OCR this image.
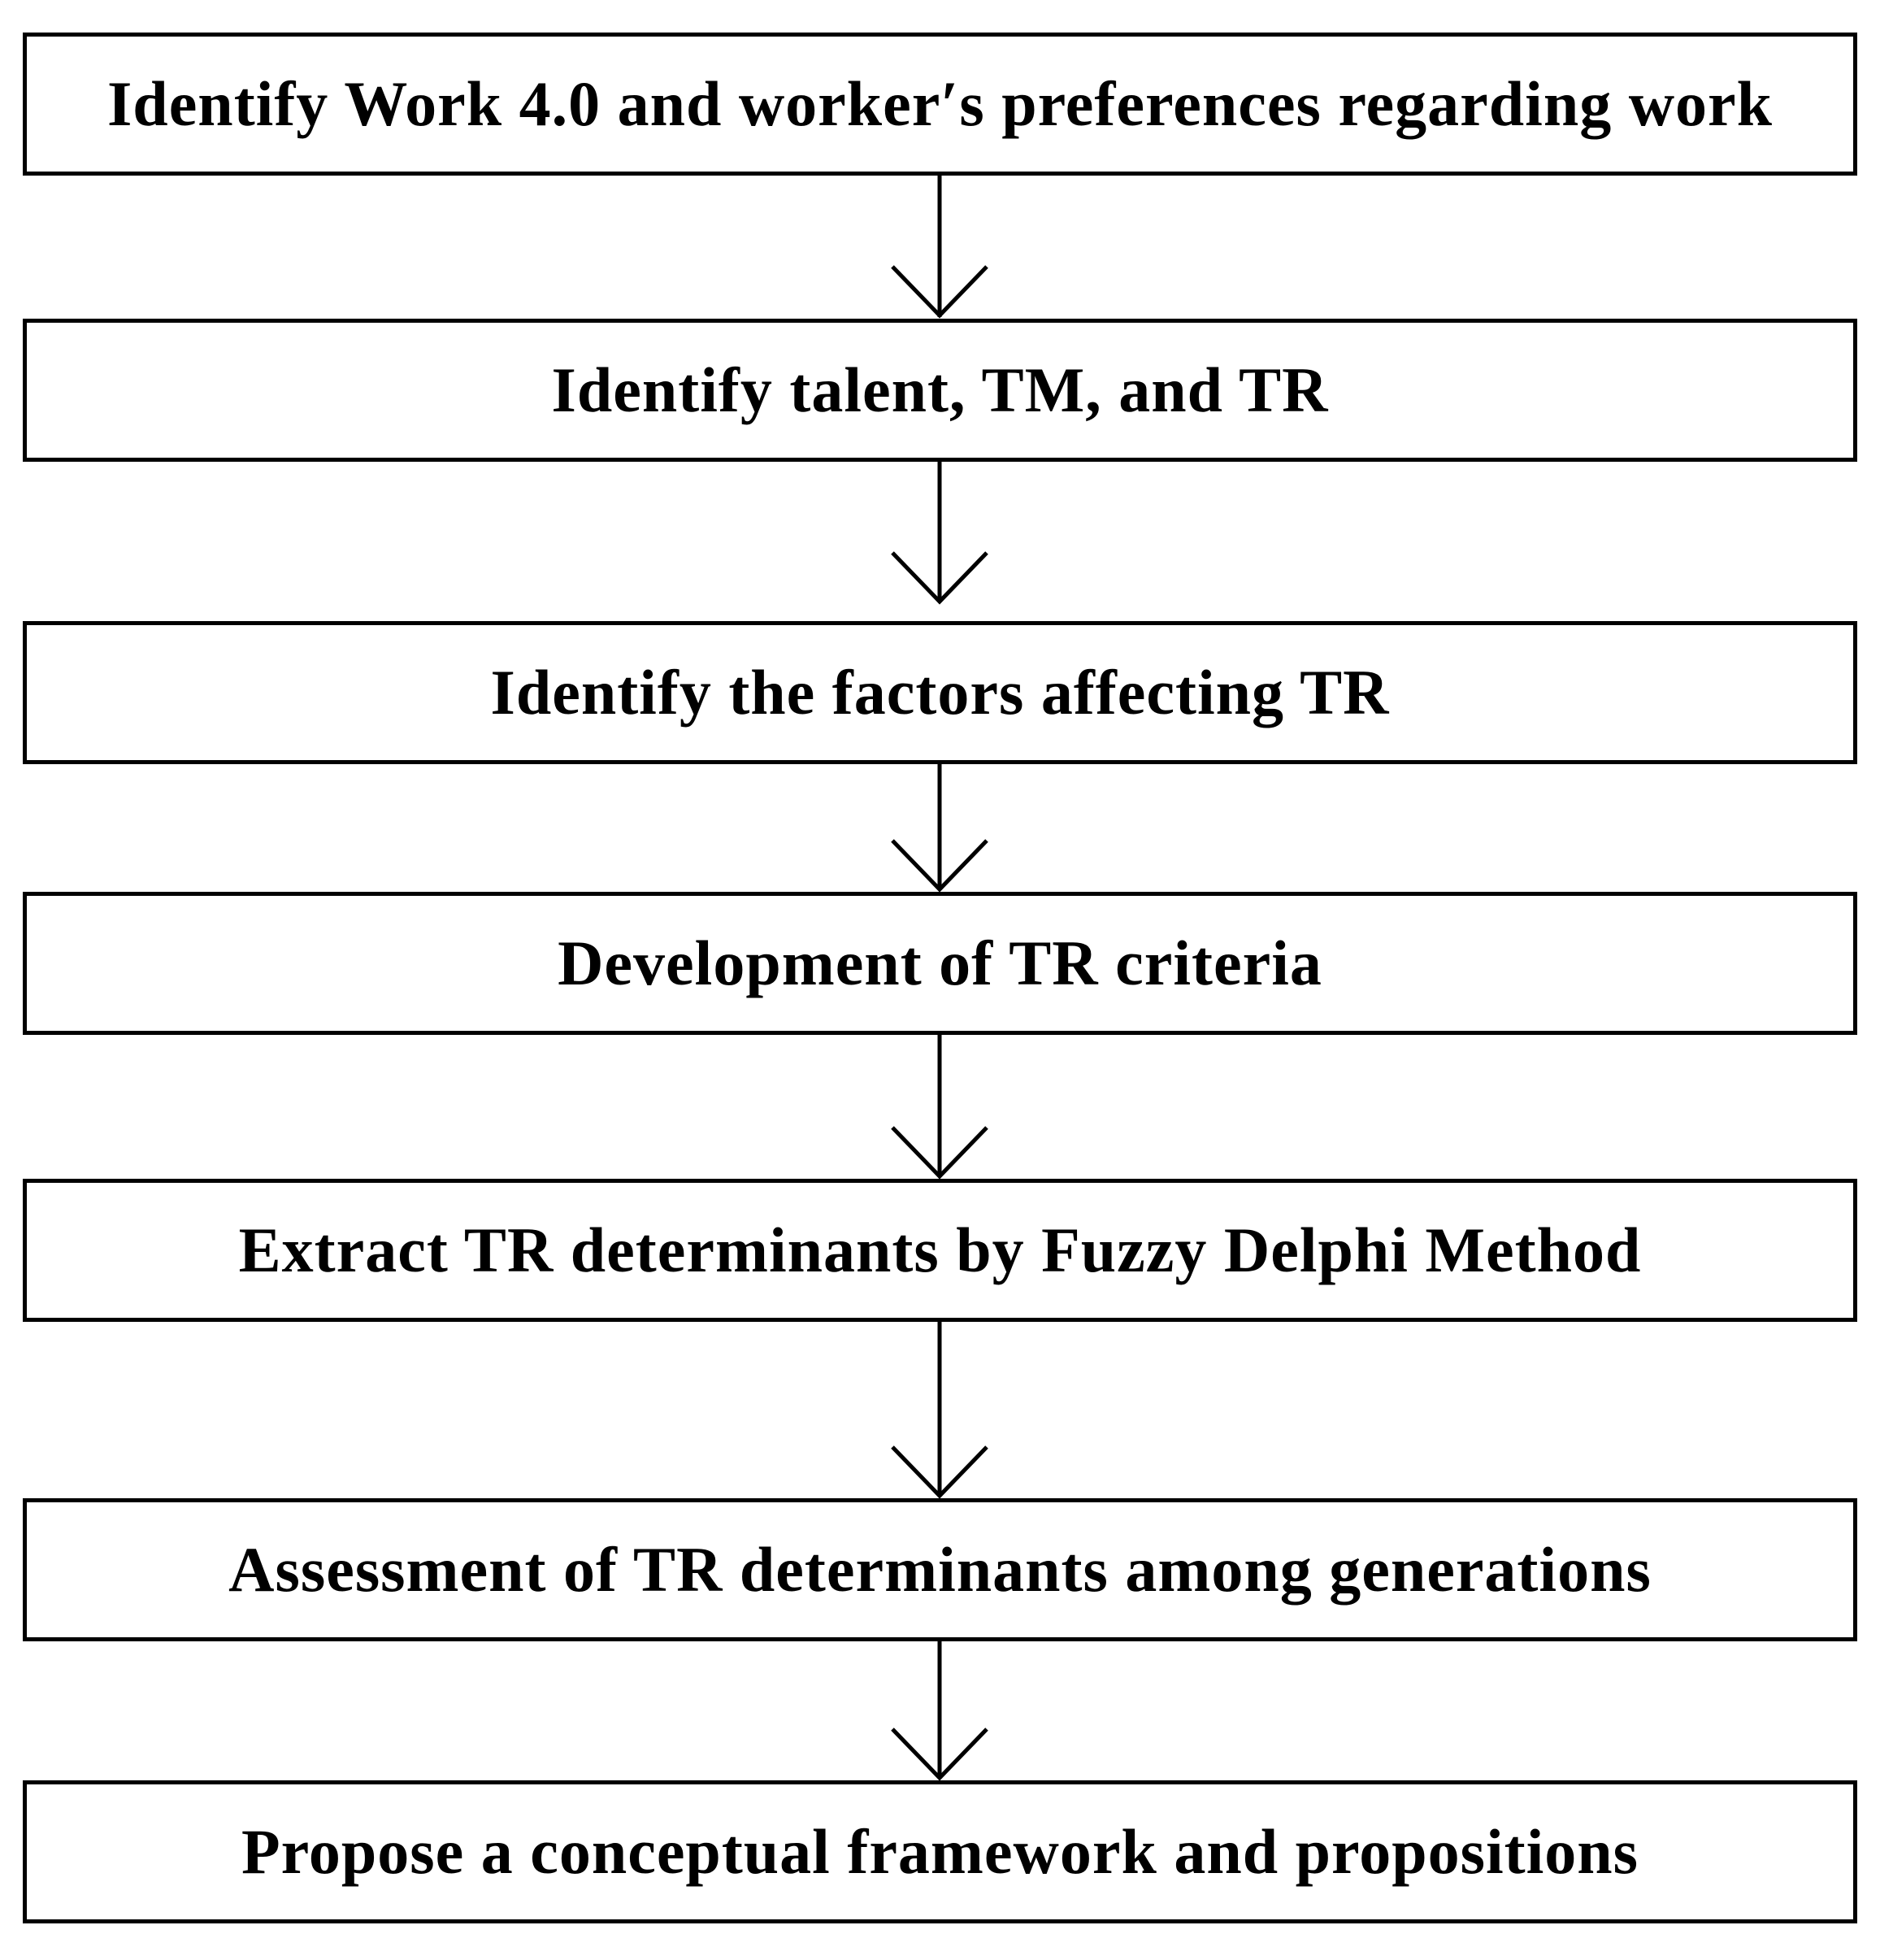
Identify Work 4.0 and worker′s preferences regarding work
Identify talent, TM, and TR
Identify the factors affecting TR
Development of TR criteria
Extract TR determinants by Fuzzy Delphi Method
Assessment of TR determinants among generations
Propose a conceptual framework and propositions
